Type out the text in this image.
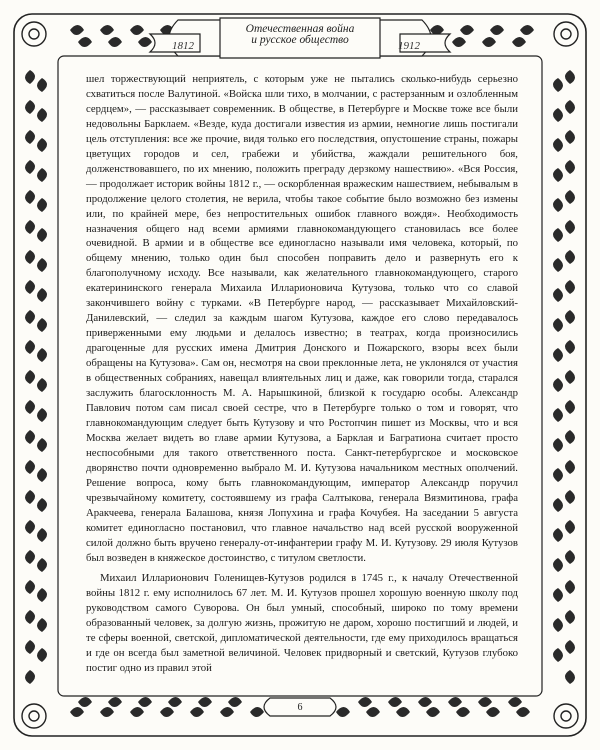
Отечественная война
и русское общество
1812	1912

шел торжествующий неприятель, с которым уже не пытались сколько-нибудь серьезно схватиться после Валутиной. «Войска шли тихо, в молчании, с растерзанным и озлобленным сердцем», — рассказывает современник. В обществе, в Петербурге и Москве тоже все были недовольны Барклаем. «Везде, куда достигали известия из армии, немногие лишь постигали цель отступления: все же прочие, видя только его последствия, опустошение страны, пожары цветущих городов и сел, грабежи и убийства, жаждали решительного боя, долженствовавшего, по их мнению, положить преграду дерзкому нашествию». «Вся Россия, — продолжает историк войны 1812 г., — оскорбленная вражеским нашествием, небывалым в продолжение целого столетия, не верила, чтобы такое событие было возможно без измены или, по крайней мере, без непростительных ошибок главного вождя». Необходимость назначения общего над всеми армиями главнокомандующего становилась все более очевидной. В армии и в обществе все единогласно называли имя человека, который, по общему мнению, только один был способен поправить дело и развернуть его к благополучному исходу. Все называли, как желательного главнокомандующего, старого екатерининского генерала Михаила Илларионовича Кутузова, только что со славой закончившего войну с турками. «В Петербурге народ, — рассказывает Михайловский-Данилевский, — следил за каждым шагом Кутузова, каждое его слово передавалось приверженными ему людьми и делалось известно; в театрах, когда произносились драгоценные для русских имена Дмитрия Донского и Пожарского, взоры всех были обращены на Кутузова». Сам он, несмотря на свои преклонные лета, не уклонялся от участия в общественных собраниях, навещал влиятельных лиц и даже, как говорили тогда, старался заслужить благосклонность М. А. Нарышкиной, близкой к государю особы. Александр Павлович потом сам писал своей сестре, что в Петербурге только о том и говорят, что главнокомандующим следует быть Кутузову и что Ростопчин пишет из Москвы, что и вся Москва желает видеть во главе армии Кутузова, а Барклая и Багратиона считает просто неспособными для такого ответственного поста. Санкт-петербургское и московское дворянство почти одновременно выбрало М. И. Кутузова начальником местных ополчений. Решение вопроса, кому быть главнокомандующим, император Александр поручил чрезвычайному комитету, состоявшему из графа Салтыкова, генерала Вязмитинова, графа Аракчеева, генерала Балашова, князя Лопухина и графа Кочубея. На заседании 5 августа комитет единогласно постановил, что главное начальство над всей русской вооруженной силой должно быть вручено генералу-от-инфантерии графу М. И. Кутузову. 29 июля Кутузов был возведен в княжеское достоинство, с титулом светлости.

Михаил Илларионович Голенищев-Кутузов родился в 1745 г., к началу Отечественной войны 1812 г. ему исполнилось 67 лет. М. И. Кутузов прошел хорошую военную школу под руководством самого Суворова. Он был умный, способный, широко по тому времени образованный человек, за долгую жизнь, прожитую не даром, хорошо постигший и людей, и те сферы военной, светской, дипломатической деятельности, где ему приходилось вращаться и где он всегда был заметной величиной. Человек придворный и светский, Кутузов глубоко постиг одно из правил этой

6
